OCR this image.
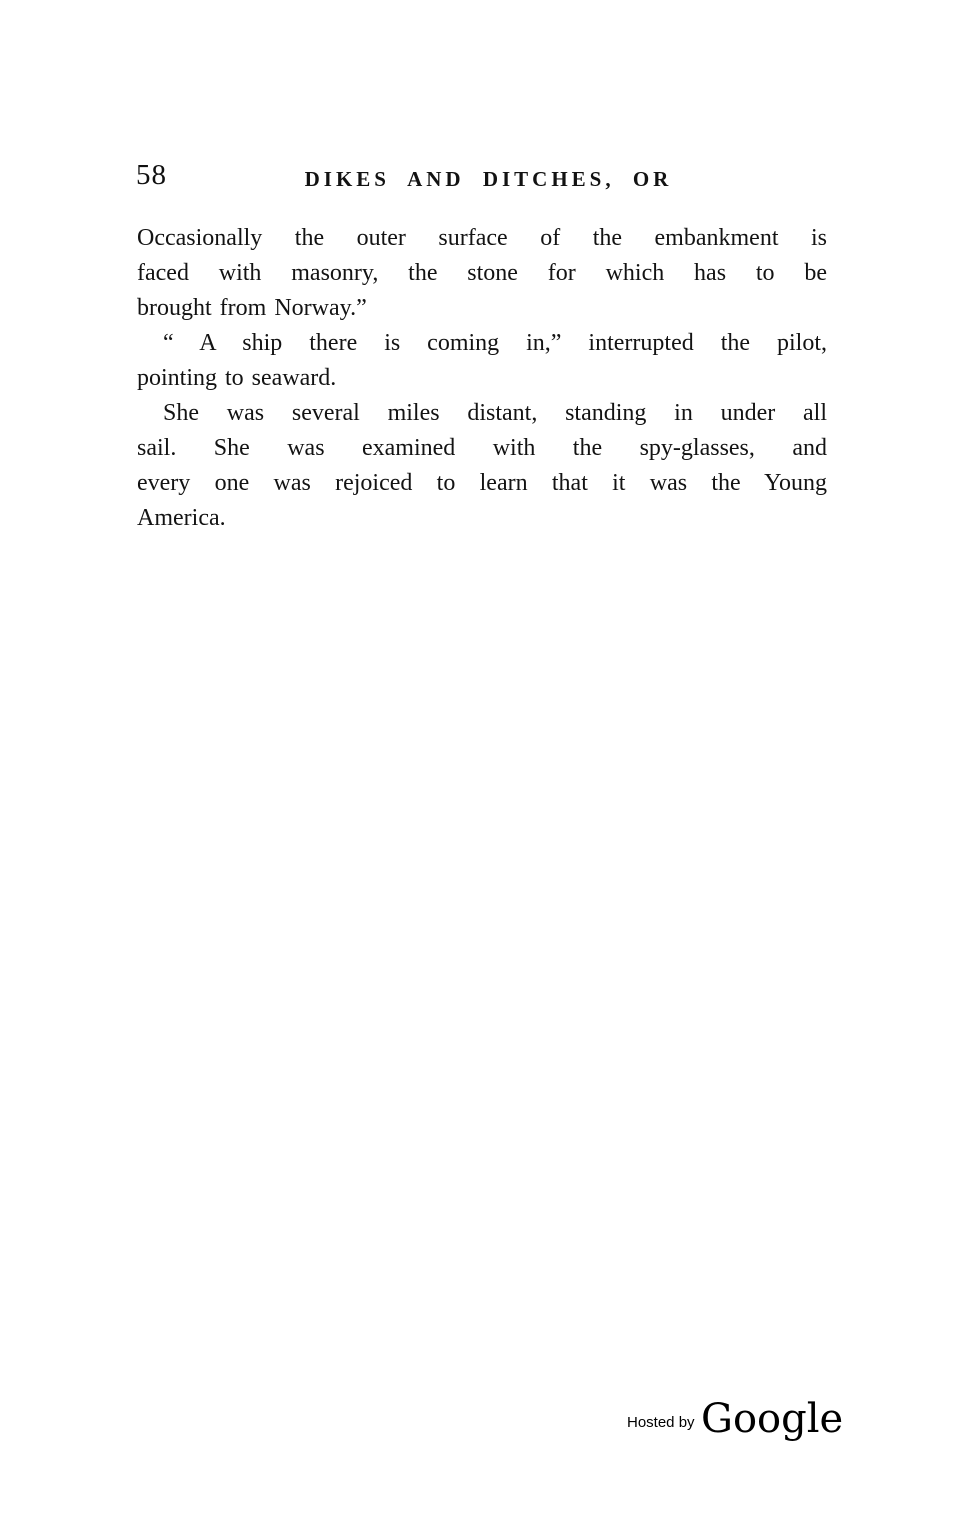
58	DIKES AND DITCHES, OR
Occasionally the outer surface of the embankment is
faced with masonry, the stone for which has to be
brought from Norway.”
“ A ship there is coming in,” interrupted the pilot,
pointing to seaward.
She was several miles distant, standing in under all
sail. She was examined with the spy-glasses, and
every one was rejoiced to learn that it was the Young
America.
Hosted by Google
